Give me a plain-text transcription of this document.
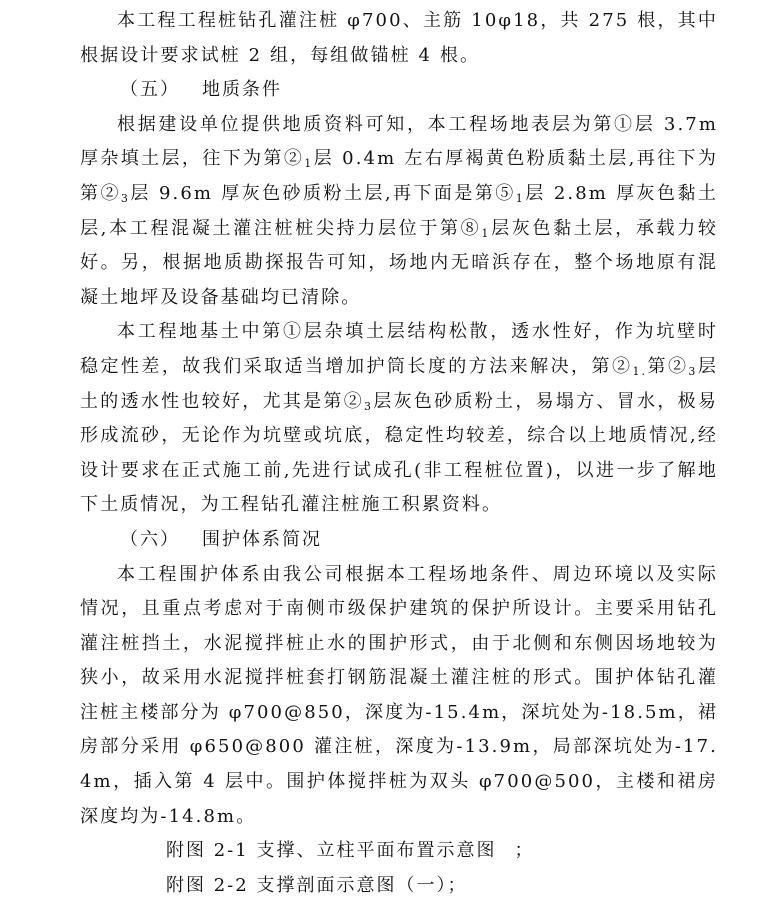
本工程工程桩钻孔灌注桩 φ700、主筋 10φ18，共 275 根，其中根据设计要求试桩 2 组，每组做锚桩 4 根。

（五） 地质条件

根据建设单位提供地质资料可知，本工程场地表层为第①层 3.7m 厚杂填土层，往下为第$②_1$层 0.4m 左右厚褐黄色粉质黏土层,再往下为第$②_3$层 9.6m 厚灰色砂质粉土层,再下面是第$⑤_1$层 2.8m 厚灰色黏土层,本工程混凝土灌注桩桩尖持力层位于第$⑧_1$层灰色黏土层，承载力较好。另，根据地质勘探报告可知，场地内无暗浜存在，整个场地原有混凝土地坪及设备基础均已清除。

本工程地基土中第①层杂填土层结构松散，透水性好，作为坑壁时稳定性差，故我们采取适当增加护筒长度的方法来解决，第$②_{1.}$第$②_3$层土的透水性也较好，尤其是第$②_3$层灰色砂质粉土，易塌方、冒水，极易形成流砂，无论作为坑壁或坑底，稳定性均较差，综合以上地质情况,经设计要求在正式施工前,先进行试成孔(非工程桩位置)，以进一步了解地下土质情况，为工程钻孔灌注桩施工积累资料。

（六） 围护体系简况

本工程围护体系由我公司根据本工程场地条件、周边环境以及实际情况，且重点考虑对于南侧市级保护建筑的保护所设计。主要采用钻孔灌注桩挡土，水泥搅拌桩止水的围护形式，由于北侧和东侧因场地较为狭小，故采用水泥搅拌桩套打钢筋混凝土灌注桩的形式。围护体钻孔灌注桩主楼部分为 φ700@850，深度为-15.4m，深坑处为-18.5m，裙房部分采用 φ650@800 灌注桩，深度为-13.9m，局部深坑处为-17.4m，插入第 4 层中。围护体搅拌桩为双头 φ700@500，主楼和裙房深度均为-14.8m。

附图 2-1 支撑、立柱平面布置示意图 ；
附图 2-2 支撑剖面示意图（一）；
